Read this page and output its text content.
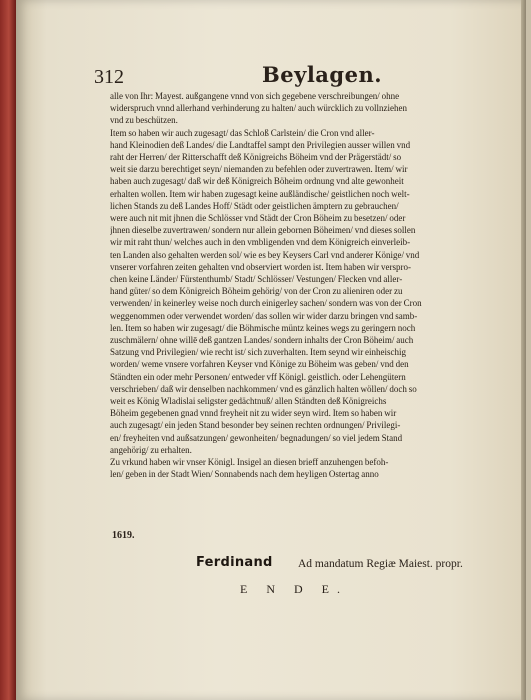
312	Beylagen.
alle von Ihr: Mayest. außgangene vnnd von sich gegebene verschreibungen/ ohne
widerspruch vnnd allerhand verhinderung zu halten/ auch würcklich zu vollnziehen
vnd zu beschützen.
Item so haben wir auch zugesagt/ das Schloß Carlstein/ die Cron vnd aller-
hand Kleinodien deß Landes/ die Landtaffel sampt den Privilegien ausser willen vnd
raht der Herren/ der Ritterschafft deß Königreichs Böheim vnd der Prägerstädt/ so
weit sie darzu berechtiget seyn/ niemanden zu befehlen oder zuvertrawen. Item/ wir
haben auch zugesagt/ daß wir deß Königreich Böheim ordnung vnd alte gewonheit
erhalten wollen. Item wir haben zugesagt keine außländische/ geistlichen noch welt-
lichen Stands zu deß Landes Hoff/ Städt oder geistlichen ämptern zu gebrauchen/
were auch nit mit jhnen die Schlösser vnd Städt der Cron Böheim zu besetzen/ oder
jhnen dieselbe zuvertrawen/ sondern nur allein gebornen Böheimen/ vnd dieses sollen
wir mit raht thun/ welches auch in den vmbligenden vnd dem Königreich einverleib-
ten Landen also gehalten werden sol/ wie es bey Keysers Carl vnd anderer Könige/ vnd
vnserer vorfahren zeiten gehalten vnd observiert worden ist. Item haben wir verspro-
chen keine Länder/ Fürstenthumb/ Stadt/ Schlösser/ Vestungen/ Flecken vnd aller-
hand güter/ so dem Königreich Böheim gehörig/ von der Cron zu alieniren oder zu
verwenden/ in keinerley weise noch durch einigerley sachen/ sondern was von der Cron
weggenommen oder verwendet worden/ das sollen wir wider darzu bringen vnd samb-
len. Item so haben wir zugesagt/ die Böhmische müntz keines wegs zu geringern noch
zuschmälern/ ohne willē deß gantzen Landes/ sondern inhalts der Cron Böheim/ auch
Satzung vnd Privilegien/ wie recht ist/ sich zuverhalten. Item seynd wir einheischig
worden/ weme vnsere vorfahren Keyser vnd Könige zu Böheim was geben/ vnd den
Ständten ein oder mehr Personen/ entweder vff Königl. geistlich. oder Lehengütern
verschrieben/ daß wir denselben nachkommen/ vnd es gänzlich halten wöllen/ doch so
weit es König Wladislai seligster gedächtnuß/ allen Ständten deß Königreichs
Böheim gegebenen gnad vnnd freyheit nit zu wider seyn wird. Item so haben wir
auch zugesagt/ ein jeden Stand besonder bey seinen rechten ordnungen/ Privilegi-
en/ freyheiten vnd außsatzungen/ gewonheiten/ begnadungen/ so viel jedem Stand
angehörig/ zu erhalten.
Zu vrkund haben wir vnser Königl. Insigel an diesen brieff anzuhengen befoh-
len/ geben in der Stadt Wien/ Sonnabends nach dem heyligen Ostertag anno
1619.
Ferdinand Ad mandatum Regiæ Maiest. propr.
E N D E.
